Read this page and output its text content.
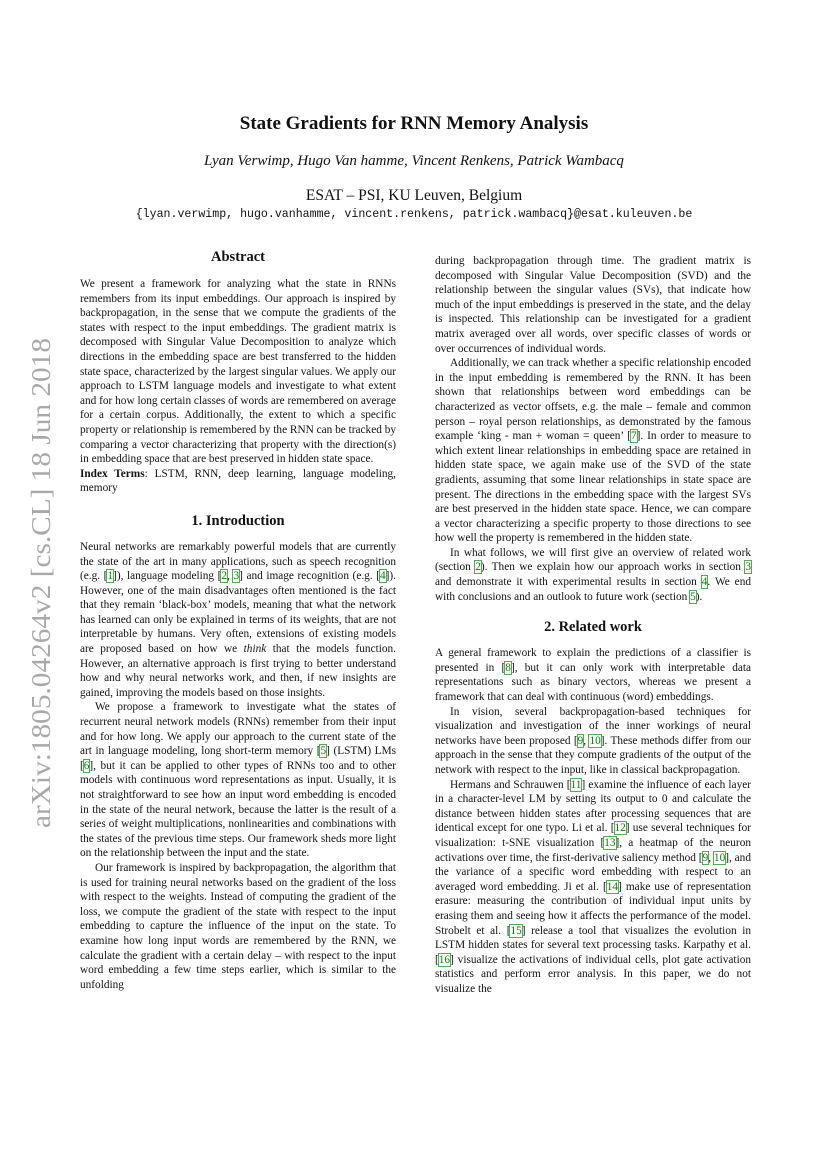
arXiv:1805.04264v2 [cs.CL] 18 Jun 2018
State Gradients for RNN Memory Analysis
Lyan Verwimp, Hugo Van hamme, Vincent Renkens, Patrick Wambacq
ESAT – PSI, KU Leuven, Belgium
{lyan.verwimp, hugo.vanhamme, vincent.renkens, patrick.wambacq}@esat.kuleuven.be
Abstract

We present a framework for analyzing what the state in RNNs remembers from its input embeddings. Our approach is inspired by backpropagation, in the sense that we compute the gradients of the states with respect to the input embeddings. The gradient matrix is decomposed with Singular Value Decomposition to analyze which directions in the embedding space are best transferred to the hidden state space, characterized by the largest singular values. We apply our approach to LSTM language models and investigate to what extent and for how long certain classes of words are remembered on average for a certain corpus. Additionally, the extent to which a specific property or relationship is remembered by the RNN can be tracked by comparing a vector characterizing that property with the direction(s) in embedding space that are best preserved in hidden state space.

Index Terms: LSTM, RNN, deep learning, language modeling, memory

1. Introduction

Neural networks are remarkably powerful models that are currently the state of the art in many applications, such as speech recognition (e.g. [1]), language modeling [2, 3] and image recognition (e.g. [4]). However, one of the main disadvantages often mentioned is the fact that they remain ‘black-box’ models, meaning that what the network has learned can only be explained in terms of its weights, that are not interpretable by humans. Very often, extensions of existing models are proposed based on how we think that the models function. However, an alternative approach is first trying to better understand how and why neural networks work, and then, if new insights are gained, improving the models based on those insights.

We propose a framework to investigate what the states of recurrent neural network models (RNNs) remember from their input and for how long. We apply our approach to the current state of the art in language modeling, long short-term memory [5] (LSTM) LMs [6], but it can be applied to other types of RNNs too and to other models with continuous word representations as input. Usually, it is not straightforward to see how an input word embedding is encoded in the state of the neural network, because the latter is the result of a series of weight multiplications, nonlinearities and combinations with the states of the previous time steps. Our framework sheds more light on the relationship between the input and the state.

Our framework is inspired by backpropagation, the algorithm that is used for training neural networks based on the gradient of the loss with respect to the weights. Instead of computing the gradient of the loss, we compute the gradient of the state with respect to the input embedding to capture the influence of the input on the state. To examine how long input words are remembered by the RNN, we calculate the gradient with a certain delay – with respect to the input word embedding a few time steps earlier, which is similar to the unfolding

during backpropagation through time. The gradient matrix is decomposed with Singular Value Decomposition (SVD) and the relationship between the singular values (SVs), that indicate how much of the input embeddings is preserved in the state, and the delay is inspected. This relationship can be investigated for a gradient matrix averaged over all words, over specific classes of words or over occurrences of individual words.

Additionally, we can track whether a specific relationship encoded in the input embedding is remembered by the RNN. It has been shown that relationships between word embeddings can be characterized as vector offsets, e.g. the male – female and common person – royal person relationships, as demonstrated by the famous example ‘king - man + woman = queen’ [7]. In order to measure to which extent linear relationships in embedding space are retained in hidden state space, we again make use of the SVD of the state gradients, assuming that some linear relationships in state space are present. The directions in the embedding space with the largest SVs are best preserved in the hidden state space. Hence, we can compare a vector characterizing a specific property to those directions to see how well the property is remembered in the hidden state.

In what follows, we will first give an overview of related work (section 2). Then we explain how our approach works in section 3 and demonstrate it with experimental results in section 4. We end with conclusions and an outlook to future work (section 5).

2. Related work

A general framework to explain the predictions of a classifier is presented in [8], but it can only work with interpretable data representations such as binary vectors, whereas we present a framework that can deal with continuous (word) embeddings.

In vision, several backpropagation-based techniques for visualization and investigation of the inner workings of neural networks have been proposed [9, 10]. These methods differ from our approach in the sense that they compute gradients of the output of the network with respect to the input, like in classical backpropagation.

Hermans and Schrauwen [11] examine the influence of each layer in a character-level LM by setting its output to 0 and calculate the distance between hidden states after processing sequences that are identical except for one typo. Li et al. [12] use several techniques for visualization: t-SNE visualization [13], a heatmap of the neuron activations over time, the first-derivative saliency method [9, 10], and the variance of a specific word embedding with respect to an averaged word embedding. Ji et al. [14] make use of representation erasure: measuring the contribution of individual input units by erasing them and seeing how it affects the performance of the model. Strobelt et al. [15] release a tool that visualizes the evolution in LSTM hidden states for several text processing tasks. Karpathy et al. [16] visualize the activations of individual cells, plot gate activation statistics and perform error analysis. In this paper, we do not visualize the
